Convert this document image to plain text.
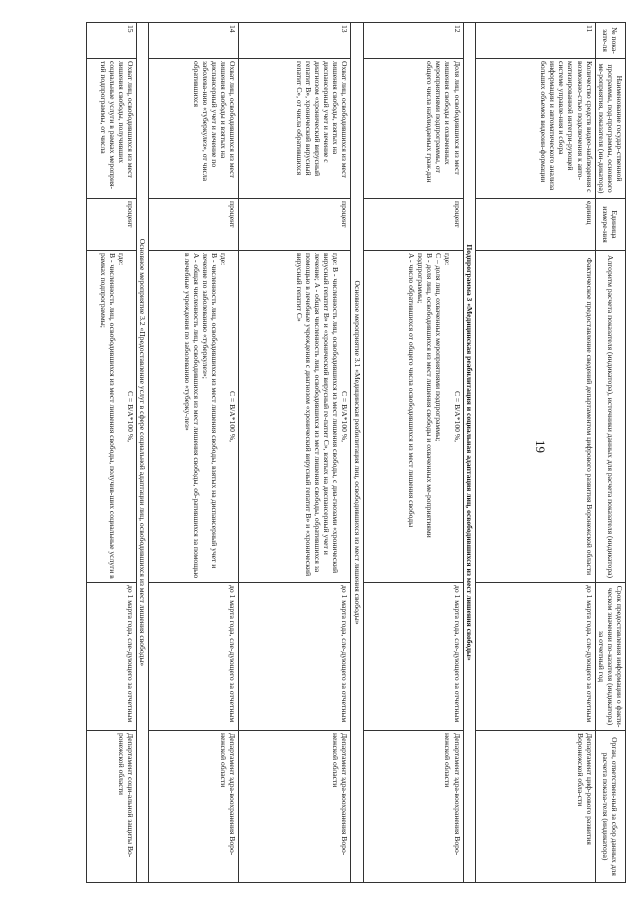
19
№ пока-зате-ля	Наименование государ-ственной программы, под-программы, основного ме-роприятия, показателя (ин-дикатора)	Единица измере-ния	Алгоритм расчета показателя (индикатора), источники данных для расчета показателя (индикатора)	Срок предоставления информации о факти-ческом значении по-казателя (индикатора) за отчетный год	Орган, ответствен-ный за сбор данных для расчета показа-теля (индикатора)
11	Количество средств видео-наблюдения с возможно-стью подключения к авто-матизированной интегри-рующей системе управле-ния и сбора информации и автоматического анализа больших объемов видеоин-формации	единиц	Фактическое предоставление сведений департаментом цифрового развития Воронежской области	до 1 марта года, сле-дующего за отчетным	Департамент циф-рового развития Воронежской обла-сти
Подпрограмма 3 «Медицинская реабилитация и социальная адаптация лиц, освободившихся из мест лишения свободы»					
12	Доля лиц, освободившихся из мест лишения свободы и охваченных мероприятиями подпрограммы, от общего числа наблюдаемых граж-дан	процент	C = B/A*100 %,
где:
C – доля лиц, охваченных мероприятиями подпрограммы;
B - доля лиц, освободившихся из мест лишения свободы и охваченных ме-роприятиями подпрограммы;
A - число обратившихся от общего числа освободившихся из мест лишения свободы	до 1 марта года, сле-дующего за отчетным	Департамент здра-воохранения Воро-нежской области
Основное мероприятие 3.1 «Медицинская реабилитация лиц, освободившихся из мест лишения свободы»					
13	Охват лиц, освободившихся из мест лишения свободы, взятых на диспансерный учет и лечение с диагнозом «хронический вирусный гепатит В», хронический вирусный гепатит С», от числа обратившихся	процент	C = B/A*100 %,
где: B - численность лиц, освободившихся из мест лишения свободы, с диа-гнозами «хронический вирусный гепатит В» и «хронический вирусный ге-патит С», взятых на диспансерный учет и лечение; A - общая численность лиц, освободившихся из мест лишения свободы, обратившихся за помощью в лечебные учреждения с диагнозом «хронический вирусный гепатит В» и «хронический вирусный гепатит С»	до 1 марта года, сле-дующего за отчетным	Департамент здра-воохранения Воро-нежской области
14	Охват лиц, освободившихся из мест лишения свободы и взятых на диспансерный учет и лечение по заболева-нию «туберкулез», от числа обратившихся	процент	C = B/A*100 %,
где:
B - численность лиц, освободившихся из мест лишения свободы, взятых на диспансерный учет и лечение по заболеванию «туберкулез»;
A - общая численность лиц, освободившихся из мест лишения свободы, об-ратившихся за помощью в лечебные учреждения по заболеванию «туберку-лез»	до 1 марта года, сле-дующего за отчетным	Департамент здра-воохранения Воро-нежской области
Основное мероприятие 3.2 «Предоставление услуг в сфере социальной адаптации лиц, освободившихся из мест лишения свободы»					
15	Охват лиц, освободившихся из мест лишения свободы, получивших социальные услуги в рамках мероприя-тий подпрограммы, от числа	процент	C = B/A*100 %,
где:
B - численность лиц, освободившихся из мест лишения свободы, получив-ших социальные услуги в рамках подпрограммы;	до 1 марта года, сле-дующего за отчетным	Департамент соци-альной защиты Во-ронежской области
